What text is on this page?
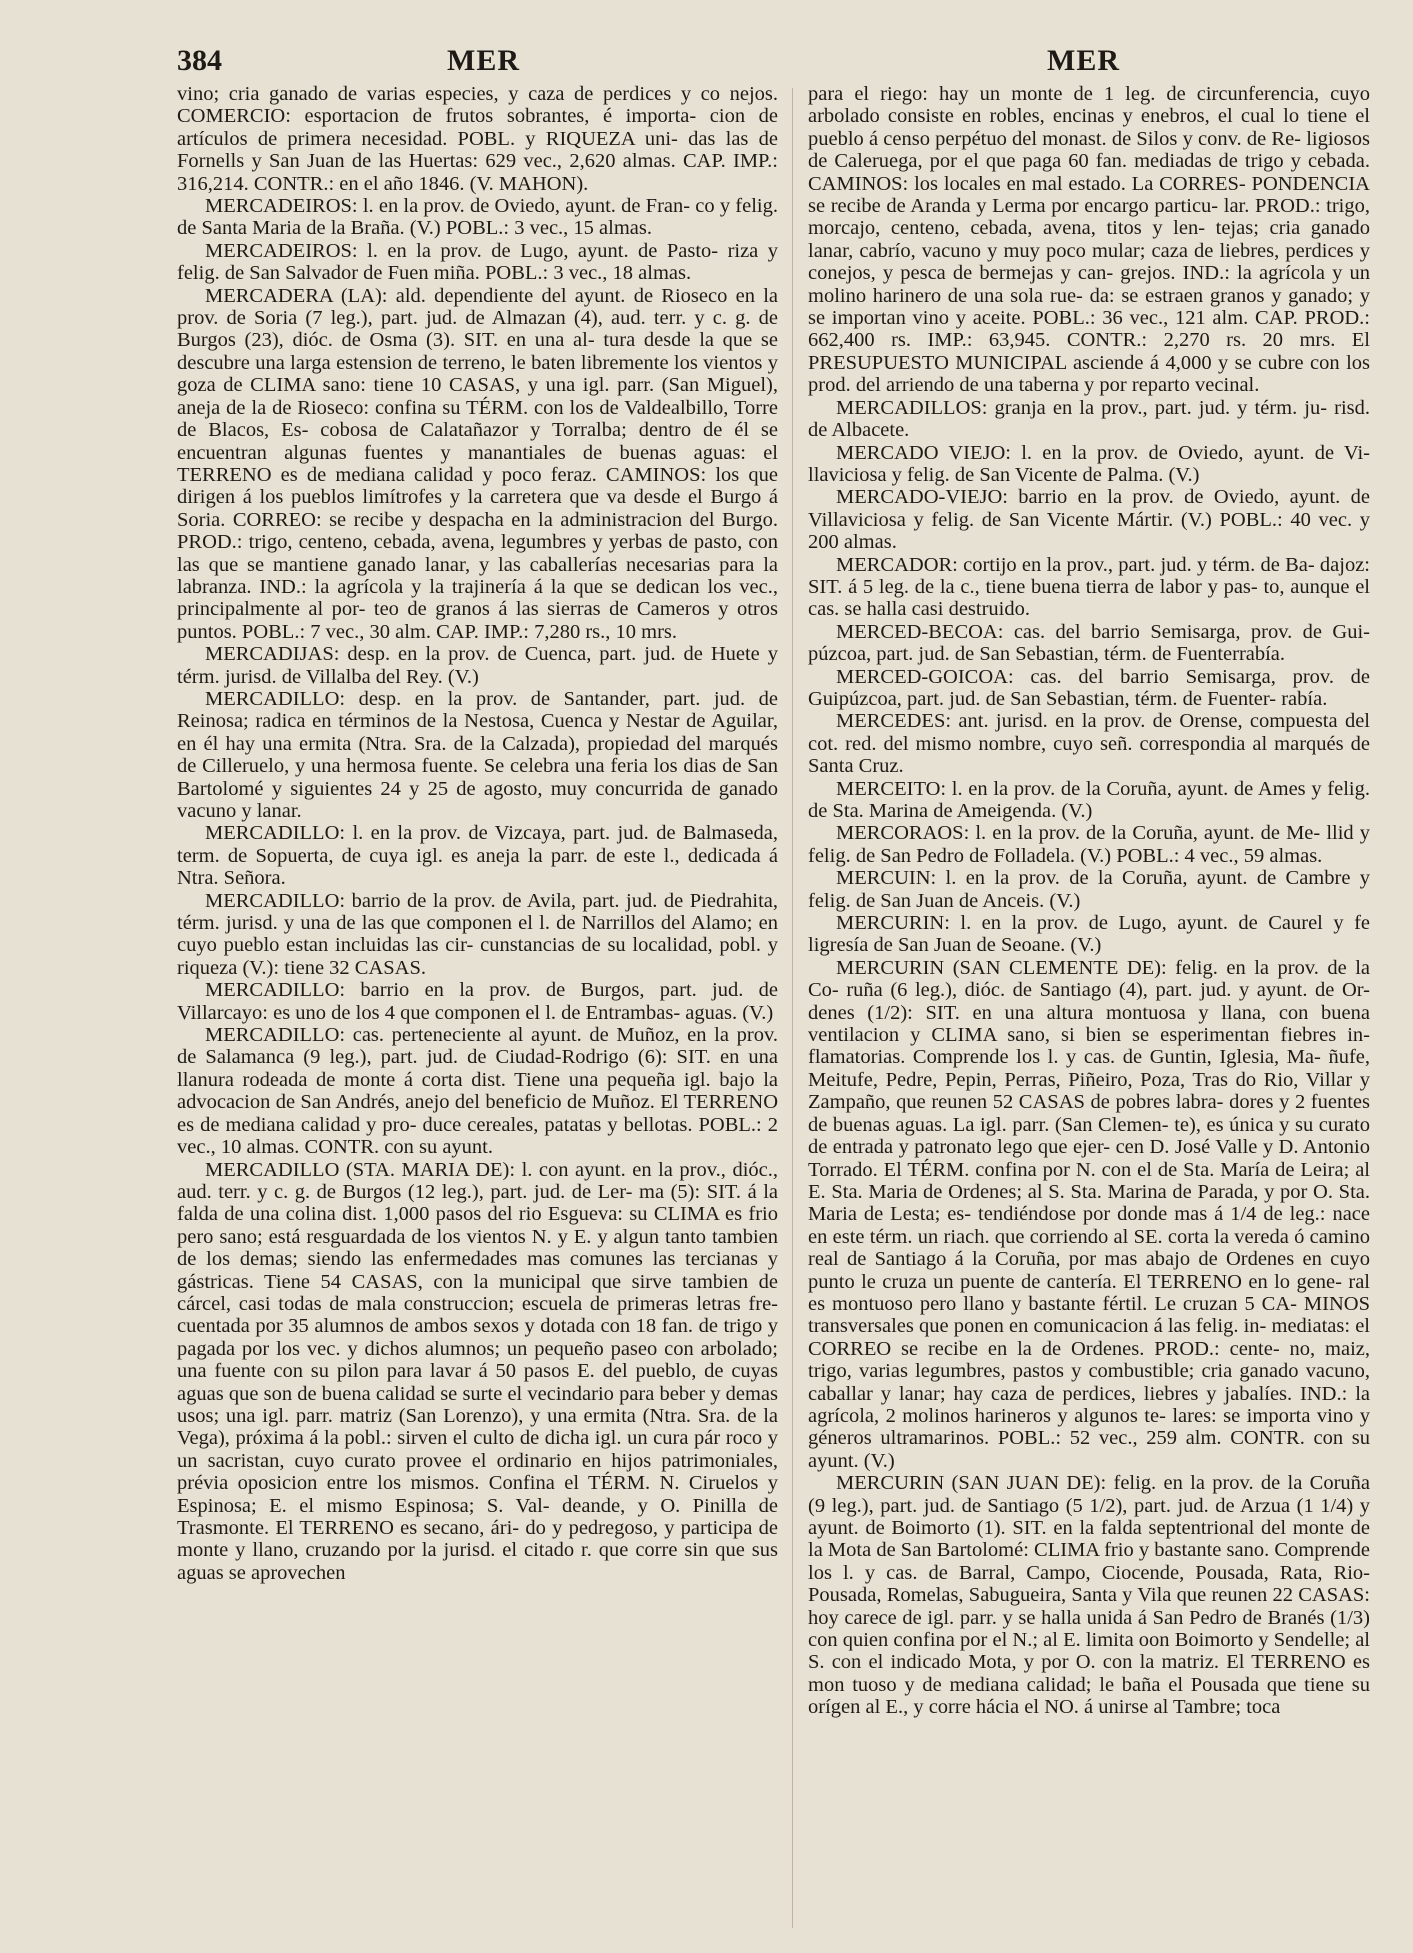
384	MER	MER

vino; cria ganado de varias especies, y caza de perdices y co nejos. COMERCIO: esportacion de frutos sobrantes, é importa- cion de artículos de primera necesidad. POBL. y RIQUEZA uni- das las de Fornells y San Juan de las Huertas: 629 vec., 2,620 almas. CAP. IMP.: 316,214. CONTR.: en el año 1846. (V. MAHON).

MERCADEIROS: l. en la prov. de Oviedo, ayunt. de Fran- co y felig. de Santa Maria de la Braña. (V.) POBL.: 3 vec., 15 almas.

MERCADEIROS: l. en la prov. de Lugo, ayunt. de Pasto- riza y felig. de San Salvador de Fuen miña. POBL.: 3 vec., 18 almas.

MERCADERA (LA): ald. dependiente del ayunt. de Rioseco en la prov. de Soria (7 leg.), part. jud. de Almazan (4), aud. terr. y c. g. de Burgos (23), dióc. de Osma (3). SIT. en una al- tura desde la que se descubre una larga estension de terreno, le baten libremente los vientos y goza de CLIMA sano: tiene 10 CASAS, y una igl. parr. (San Miguel), aneja de la de Rioseco: confina su TÉRM. con los de Valdealbillo, Torre de Blacos, Es- cobosa de Calatañazor y Torralba; dentro de él se encuentran algunas fuentes y manantiales de buenas aguas: el TERRENO es de mediana calidad y poco feraz. CAMINOS: los que dirigen á los pueblos limítrofes y la carretera que va desde el Burgo á Soria. CORREO: se recibe y despacha en la administracion del Burgo. PROD.: trigo, centeno, cebada, avena, legumbres y yerbas de pasto, con las que se mantiene ganado lanar, y las caballerías necesarias para la labranza. IND.: la agrícola y la trajinería á la que se dedican los vec., principalmente al por- teo de granos á las sierras de Cameros y otros puntos. POBL.: 7 vec., 30 alm. CAP. IMP.: 7,280 rs., 10 mrs.

MERCADIJAS: desp. en la prov. de Cuenca, part. jud. de Huete y térm. jurisd. de Villalba del Rey. (V.)

MERCADILLO: desp. en la prov. de Santander, part. jud. de Reinosa; radica en términos de la Nestosa, Cuenca y Nestar de Aguilar, en él hay una ermita (Ntra. Sra. de la Calzada), propiedad del marqués de Cilleruelo, y una hermosa fuente. Se celebra una feria los dias de San Bartolomé y siguientes 24 y 25 de agosto, muy concurrida de ganado vacuno y lanar.

MERCADILLO: l. en la prov. de Vizcaya, part. jud. de Balmaseda, term. de Sopuerta, de cuya igl. es aneja la parr. de este l., dedicada á Ntra. Señora.

MERCADILLO: barrio de la prov. de Avila, part. jud. de Piedrahita, térm. jurisd. y una de las que componen el l. de Narrillos del Alamo; en cuyo pueblo estan incluidas las cir- cunstancias de su localidad, pobl. y riqueza (V.): tiene 32 CASAS.

MERCADILLO: barrio en la prov. de Burgos, part. jud. de Villarcayo: es uno de los 4 que componen el l. de Entrambas- aguas. (V.)

MERCADILLO: cas. perteneciente al ayunt. de Muñoz, en la prov. de Salamanca (9 leg.), part. jud. de Ciudad-Rodrigo (6): SIT. en una llanura rodeada de monte á corta dist. Tiene una pequeña igl. bajo la advocacion de San Andrés, anejo del beneficio de Muñoz. El TERRENO es de mediana calidad y pro- duce cereales, patatas y bellotas. POBL.: 2 vec., 10 almas. CONTR. con su ayunt.

MERCADILLO (STA. MARIA DE): l. con ayunt. en la prov., dióc., aud. terr. y c. g. de Burgos (12 leg.), part. jud. de Ler- ma (5): SIT. á la falda de una colina dist. 1,000 pasos del rio Esgueva: su CLIMA es frio pero sano; está resguardada de los vientos N. y E. y algun tanto tambien de los demas; siendo las enfermedades mas comunes las tercianas y gástricas. Tiene 54 CASAS, con la municipal que sirve tambien de cárcel, casi todas de mala construccion; escuela de primeras letras fre- cuentada por 35 alumnos de ambos sexos y dotada con 18 fan. de trigo y pagada por los vec. y dichos alumnos; un pequeño paseo con arbolado; una fuente con su pilon para lavar á 50 pasos E. del pueblo, de cuyas aguas que son de buena calidad se surte el vecindario para beber y demas usos; una igl. parr. matriz (San Lorenzo), y una ermita (Ntra. Sra. de la Vega), próxima á la pobl.: sirven el culto de dicha igl. un cura pár roco y un sacristan, cuyo curato provee el ordinario en hijos patrimoniales, prévia oposicion entre los mismos. Confina el TÉRM. N. Ciruelos y Espinosa; E. el mismo Espinosa; S. Val- deande, y O. Pinilla de Trasmonte. El TERRENO es secano, ári- do y pedregoso, y participa de monte y llano, cruzando por la jurisd. el citado r. que corre sin que sus aguas se aprovechen

para el riego: hay un monte de 1 leg. de circunferencia, cuyo arbolado consiste en robles, encinas y enebros, el cual lo tiene el pueblo á censo perpétuo del monast. de Silos y conv. de Re- ligiosos de Caleruega, por el que paga 60 fan. mediadas de trigo y cebada. CAMINOS: los locales en mal estado. La CORRES- PONDENCIA se recibe de Aranda y Lerma por encargo particu- lar. PROD.: trigo, morcajo, centeno, cebada, avena, titos y len- tejas; cria ganado lanar, cabrío, vacuno y muy poco mular; caza de liebres, perdices y conejos, y pesca de bermejas y can- grejos. IND.: la agrícola y un molino harinero de una sola rue- da: se estraen granos y ganado; y se importan vino y aceite. POBL.: 36 vec., 121 alm. CAP. PROD.: 662,400 rs. IMP.: 63,945. CONTR.: 2,270 rs. 20 mrs. El PRESUPUESTO MUNICIPAL asciende á 4,000 y se cubre con los prod. del arriendo de una taberna y por reparto vecinal.

MERCADILLOS: granja en la prov., part. jud. y térm. ju- risd. de Albacete.

MERCADO VIEJO: l. en la prov. de Oviedo, ayunt. de Vi- llaviciosa y felig. de San Vicente de Palma. (V.)

MERCADO-VIEJO: barrio en la prov. de Oviedo, ayunt. de Villaviciosa y felig. de San Vicente Mártir. (V.) POBL.: 40 vec. y 200 almas.

MERCADOR: cortijo en la prov., part. jud. y térm. de Ba- dajoz: SIT. á 5 leg. de la c., tiene buena tierra de labor y pas- to, aunque el cas. se halla casi destruido.

MERCED-BECOA: cas. del barrio Semisarga, prov. de Gui- púzcoa, part. jud. de San Sebastian, térm. de Fuenterrabía.

MERCED-GOICOA: cas. del barrio Semisarga, prov. de Guipúzcoa, part. jud. de San Sebastian, térm. de Fuenter- rabía.

MERCEDES: ant. jurisd. en la prov. de Orense, compuesta del cot. red. del mismo nombre, cuyo señ. correspondia al marqués de Santa Cruz.

MERCEITO: l. en la prov. de la Coruña, ayunt. de Ames y felig. de Sta. Marina de Ameigenda. (V.)

MERCORAOS: l. en la prov. de la Coruña, ayunt. de Me- llid y felig. de San Pedro de Folladela. (V.) POBL.: 4 vec., 59 almas.

MERCUIN: l. en la prov. de la Coruña, ayunt. de Cambre y felig. de San Juan de Anceis. (V.)

MERCURIN: l. en la prov. de Lugo, ayunt. de Caurel y fe ligresía de San Juan de Seoane. (V.)

MERCURIN (SAN CLEMENTE DE): felig. en la prov. de la Co- ruña (6 leg.), dióc. de Santiago (4), part. jud. y ayunt. de Or- denes (1/2): SIT. en una altura montuosa y llana, con buena ventilacion y CLIMA sano, si bien se esperimentan fiebres in- flamatorias. Comprende los l. y cas. de Guntin, Iglesia, Ma- ñufe, Meitufe, Pedre, Pepin, Perras, Piñeiro, Poza, Tras do Rio, Villar y Zampaño, que reunen 52 CASAS de pobres labra- dores y 2 fuentes de buenas aguas. La igl. parr. (San Clemen- te), es única y su curato de entrada y patronato lego que ejer- cen D. José Valle y D. Antonio Torrado. El TÉRM. confina por N. con el de Sta. María de Leira; al E. Sta. Maria de Ordenes; al S. Sta. Marina de Parada, y por O. Sta. Maria de Lesta; es- tendiéndose por donde mas á 1/4 de leg.: nace en este térm. un riach. que corriendo al SE. corta la vereda ó camino real de Santiago á la Coruña, por mas abajo de Ordenes en cuyo punto le cruza un puente de cantería. El TERRENO en lo gene- ral es montuoso pero llano y bastante fértil. Le cruzan 5 CA- MINOS transversales que ponen en comunicacion á las felig. in- mediatas: el CORREO se recibe en la de Ordenes. PROD.: cente- no, maiz, trigo, varias legumbres, pastos y combustible; cria ganado vacuno, caballar y lanar; hay caza de perdices, liebres y jabalíes. IND.: la agrícola, 2 molinos harineros y algunos te- lares: se importa vino y géneros ultramarinos. POBL.: 52 vec., 259 alm. CONTR. con su ayunt. (V.)

MERCURIN (SAN JUAN DE): felig. en la prov. de la Coruña (9 leg.), part. jud. de Santiago (5 1/2), part. jud. de Arzua (1 1/4) y ayunt. de Boimorto (1). SIT. en la falda septentrional del monte de la Mota de San Bartolomé: CLIMA frio y bastante sano. Comprende los l. y cas. de Barral, Campo, Ciocende, Pousada, Rata, Rio-Pousada, Romelas, Sabugueira, Santa y Vila que reunen 22 CASAS: hoy carece de igl. parr. y se halla unida á San Pedro de Branés (1/3) con quien confina por el N.; al E. limita oon Boimorto y Sendelle; al S. con el indicado Mota, y por O. con la matriz. El TERRENO es mon tuoso y de mediana calidad; le baña el Pousada que tiene su orígen al E., y corre hácia el NO. á unirse al Tambre; toca
